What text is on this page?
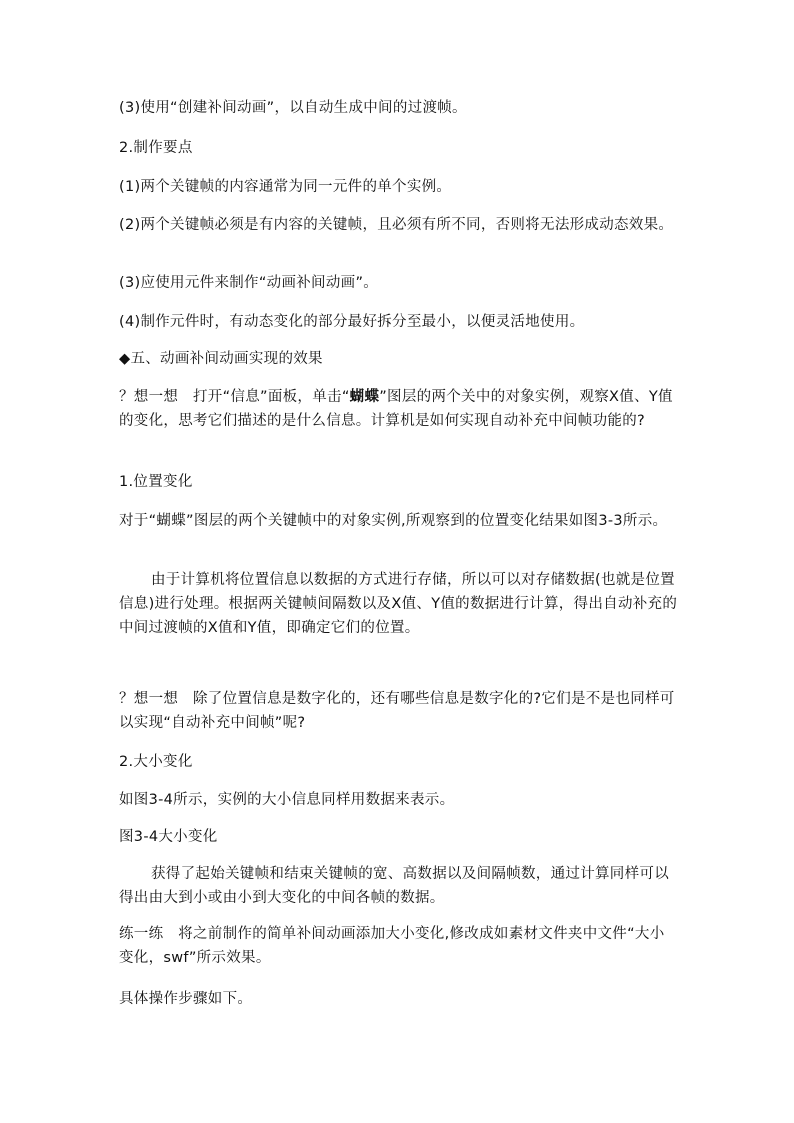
(3)使用“创建补间动画”，以自动生成中间的过渡帧。

2.制作要点

(1)两个关键帧的内容通常为同一元件的单个实例。

(2)两个关键帧必须是有内容的关键帧，且必须有所不同，否则将无法形成动态效果。

(3)应使用元件来制作“动画补间动画”。

(4)制作元件时，有动态变化的部分最好拆分至最小，以便灵活地使用。

◆五、动画补间动画实现的效果

？想一想　打开“信息”面板，单击“蝴蝶”图层的两个关中的对象实例，观察X值、Y值的变化，思考它们描述的是什么信息。计算机是如何实现自动补充中间帧功能的?

1.位置变化

对于“蝴蝶”图层的两个关键帧中的对象实例,所观察到的位置变化结果如图3-3所示。

由于计算机将位置信息以数据的方式进行存储，所以可以对存储数据(也就是位置信息)进行处理。根据两关键帧间隔数以及X值、Y值的数据进行计算，得出自动补充的中间过渡帧的X值和Y值，即确定它们的位置。

？想一想　除了位置信息是数字化的，还有哪些信息是数字化的?它们是不是也同样可以实现“自动补充中间帧”呢?

2.大小变化

如图3-4所示，实例的大小信息同样用数据来表示。

图3-4大小变化

获得了起始关键帧和结束关键帧的宽、高数据以及间隔帧数，通过计算同样可以得出由大到小或由小到大变化的中间各帧的数据。

练一练　将之前制作的简单补间动画添加大小变化,修改成如素材文件夹中文件“大小变化，swf”所示效果。

具体操作步骤如下。
